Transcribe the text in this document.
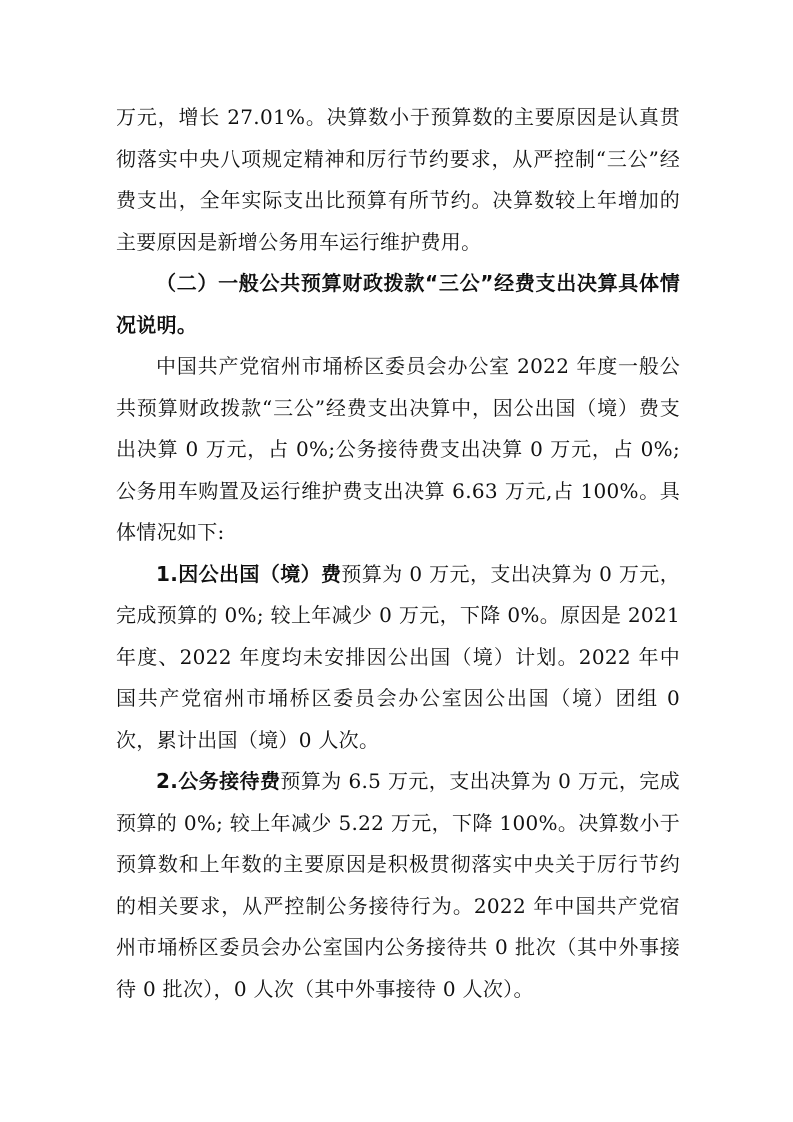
万元，增长 27.01%。决算数小于预算数的主要原因是认真贯彻落实中央八项规定精神和厉行节约要求，从严控制“三公”经费支出，全年实际支出比预算有所节约。决算数较上年增加的主要原因是新增公务用车运行维护费用。

（二）一般公共预算财政拨款“三公”经费支出决算具体情况说明。

中国共产党宿州市埇桥区委员会办公室 2022 年度一般公共预算财政拨款“三公”经费支出决算中，因公出国（境）费支出决算 0 万元，占 0%;公务接待费支出决算 0 万元，占 0%;公务用车购置及运行维护费支出决算 6.63 万元,占 100%。具体情况如下:

1.因公出国（境）费预算为 0 万元，支出决算为 0 万元，完成预算的 0%; 较上年减少 0 万元，下降 0%。原因是 2021 年度、2022 年度均未安排因公出国（境）计划。2022 年中国共产党宿州市埇桥区委员会办公室因公出国（境）团组 0 次，累计出国（境）0 人次。

2.公务接待费预算为 6.5 万元，支出决算为 0 万元，完成预算的 0%; 较上年减少 5.22 万元，下降 100%。决算数小于预算数和上年数的主要原因是积极贯彻落实中央关于厉行节约的相关要求，从严控制公务接待行为。2022 年中国共产党宿州市埇桥区委员会办公室国内公务接待共 0 批次（其中外事接待 0 批次），0 人次（其中外事接待 0 人次）。
